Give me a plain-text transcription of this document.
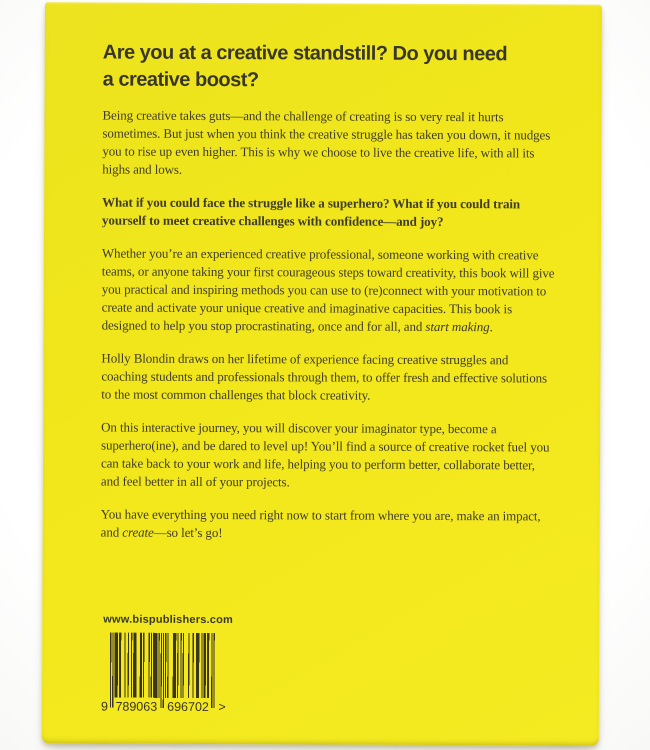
Are you at a creative standstill? Do you need
a creative boost?

Being creative takes guts—and the challenge of creating is so very real it hurts sometimes. But just when you think the creative struggle has taken you down, it nudges you to rise up even higher. This is why we choose to live the creative life, with all its highs and lows.

What if you could face the struggle like a superhero? What if you could train yourself to meet creative challenges with confidence—and joy?

Whether you’re an experienced creative professional, someone working with creative teams, or anyone taking your first courageous steps toward creativity, this book will give you practical and inspiring methods you can use to (re)connect with your motivation to create and activate your unique creative and imaginative capacities. This book is designed to help you stop procrastinating, once and for all, and start making.

Holly Blondin draws on her lifetime of experience facing creative struggles and coaching students and professionals through them, to offer fresh and effective solutions to the most common challenges that block creativity.

On this interactive journey, you will discover your imaginator type, become a superhero(ine), and be dared to level up! You’ll find a source of creative rocket fuel you can take back to your work and life, helping you to perform better, collaborate better, and feel better in all of your projects.

You have everything you need right now to start from where you are, make an impact, and create—so let’s go!

www.bispublishers.com
9 789063 696702 >
